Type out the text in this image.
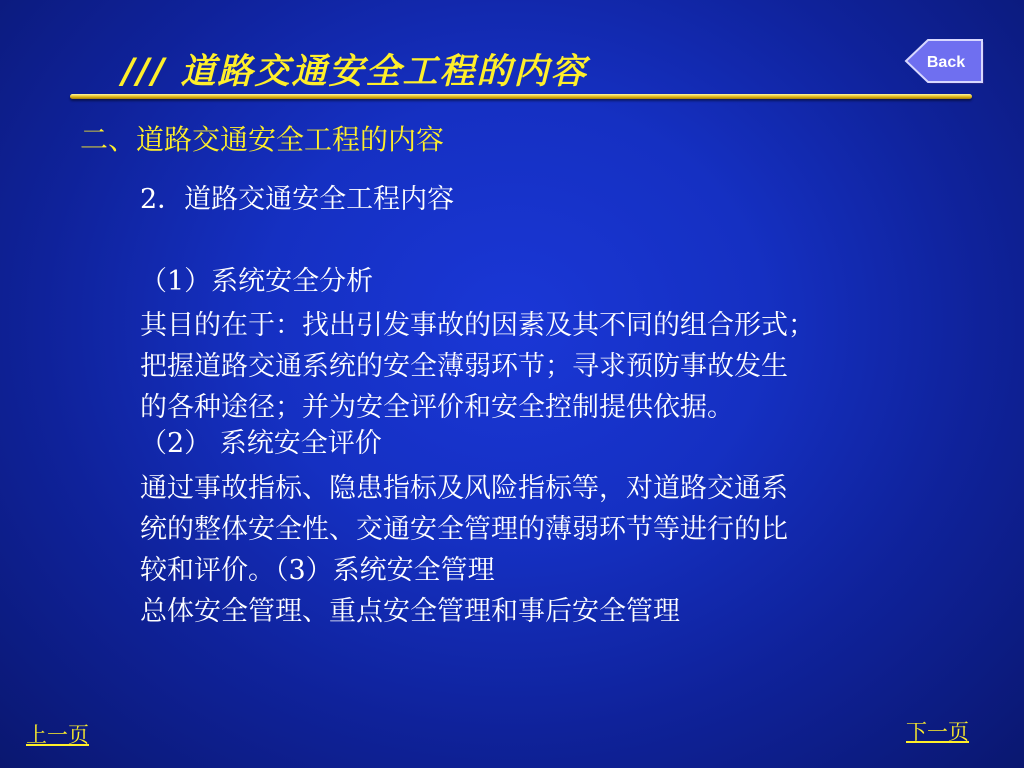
/// 道路交通安全工程的内容	Back
二、道路交通安全工程的内容
2．道路交通安全工程内容
（1）系统安全分析
其目的在于：找出引发事故的因素及其不同的组合形式；
把握道路交通系统的安全薄弱环节；寻求预防事故发生
的各种途径；并为安全评价和安全控制提供依据。
（2） 系统安全评价
通过事故指标、隐患指标及风险指标等，对道路交通系
统的整体安全性、交通安全管理的薄弱环节等进行的比
较和评价。（3）系统安全管理
总体安全管理、重点安全管理和事后安全管理
上一页	下一页
